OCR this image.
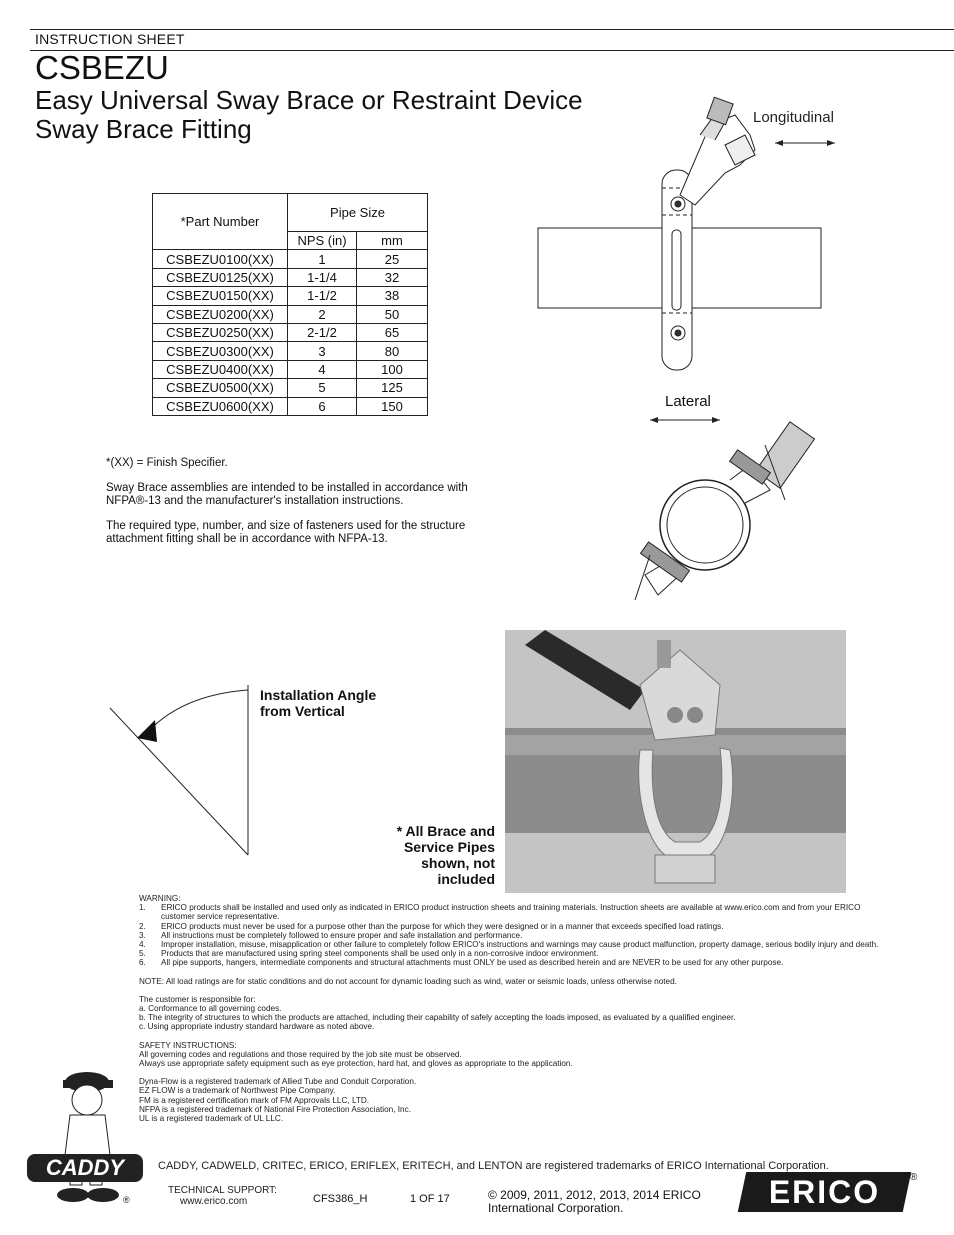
INSTRUCTION SHEET
CSBEZU
Easy Universal Sway Brace or Restraint Device
Sway Brace Fitting
*Part Number	Pipe Size	
	NPS (in)	mm
CSBEZU0100(XX)	1	25
CSBEZU0125(XX)	1-1/4	32
CSBEZU0150(XX)	1-1/2	38
CSBEZU0200(XX)	2	50
CSBEZU0250(XX)	2-1/2	65
CSBEZU0300(XX)	3	80
CSBEZU0400(XX)	4	100
CSBEZU0500(XX)	5	125
CSBEZU0600(XX)	6	150
*(XX) = Finish Specifier.
Sway Brace assemblies are intended to be installed in accordance with
NFPA®-13 and the manufacturer's installation instructions.
The required type, number, and size of fasteners used for the structure
attachment fitting shall be in accordance with NFPA-13.
Longitudinal
Lateral
Installation Angle
from Vertical
* All Brace and
Service Pipes
shown, not
included

WARNING:

1.	ERICO products shall be installed and used only as indicated in ERICO product instruction sheets and training materials. Instruction sheets are available at www.erico.com and from your ERICO customer service representative.
2.	ERICO products must never be used for a purpose other than the purpose for which they were designed or in a manner that exceeds specified load ratings.
3.	All instructions must be completely followed to ensure proper and safe installation and performance.
4.	Improper installation, misuse, misapplication or other failure to completely follow ERICO's instructions and warnings may cause product malfunction, property damage, serious bodily injury and death.
5.	Products that are manufactured using spring steel components shall be used only in a non-corrosive indoor environment.
6.	All pipe supports, hangers, intermediate components and structural attachments must ONLY be used as described herein and are NEVER to be used for any other purpose.

NOTE: All load ratings are for static conditions and do not account for dynamic loading such as wind, water or seismic loads, unless otherwise noted.

The customer is responsible for:

a. Conformance to all governing codes.

b. The integrity of structures to which the products are attached, including their capability of safely accepting the loads imposed, as evaluated by a qualified engineer.

c. Using appropriate industry standard hardware as noted above.

SAFETY INSTRUCTIONS:

All governing codes and regulations and those required by the job site must be observed.

Always use appropriate safety equipment such as eye protection, hard hat, and gloves as appropriate to the application.

Dyna-Flow is a registered trademark of Allied Tube and Conduit Corporation.

EZ FLOW is a trademark of Northwest Pipe Company.

FM is a registered certification mark of FM Approvals LLC, LTD.

NFPA is a registered trademark of National Fire Protection Association, Inc.

UL is a registered trademark of UL LLC.

CADDY
®
CADDY, CADWELD, CRITEC, ERICO, ERIFLEX, ERITECH, and LENTON are registered trademarks of ERICO International Corporation.
TECHNICAL SUPPORT:
www.erico.com	CFS386_H	1 OF 17	© 2009, 2011, 2012, 2013, 2014 ERICO
International Corporation.	ERICO	®
